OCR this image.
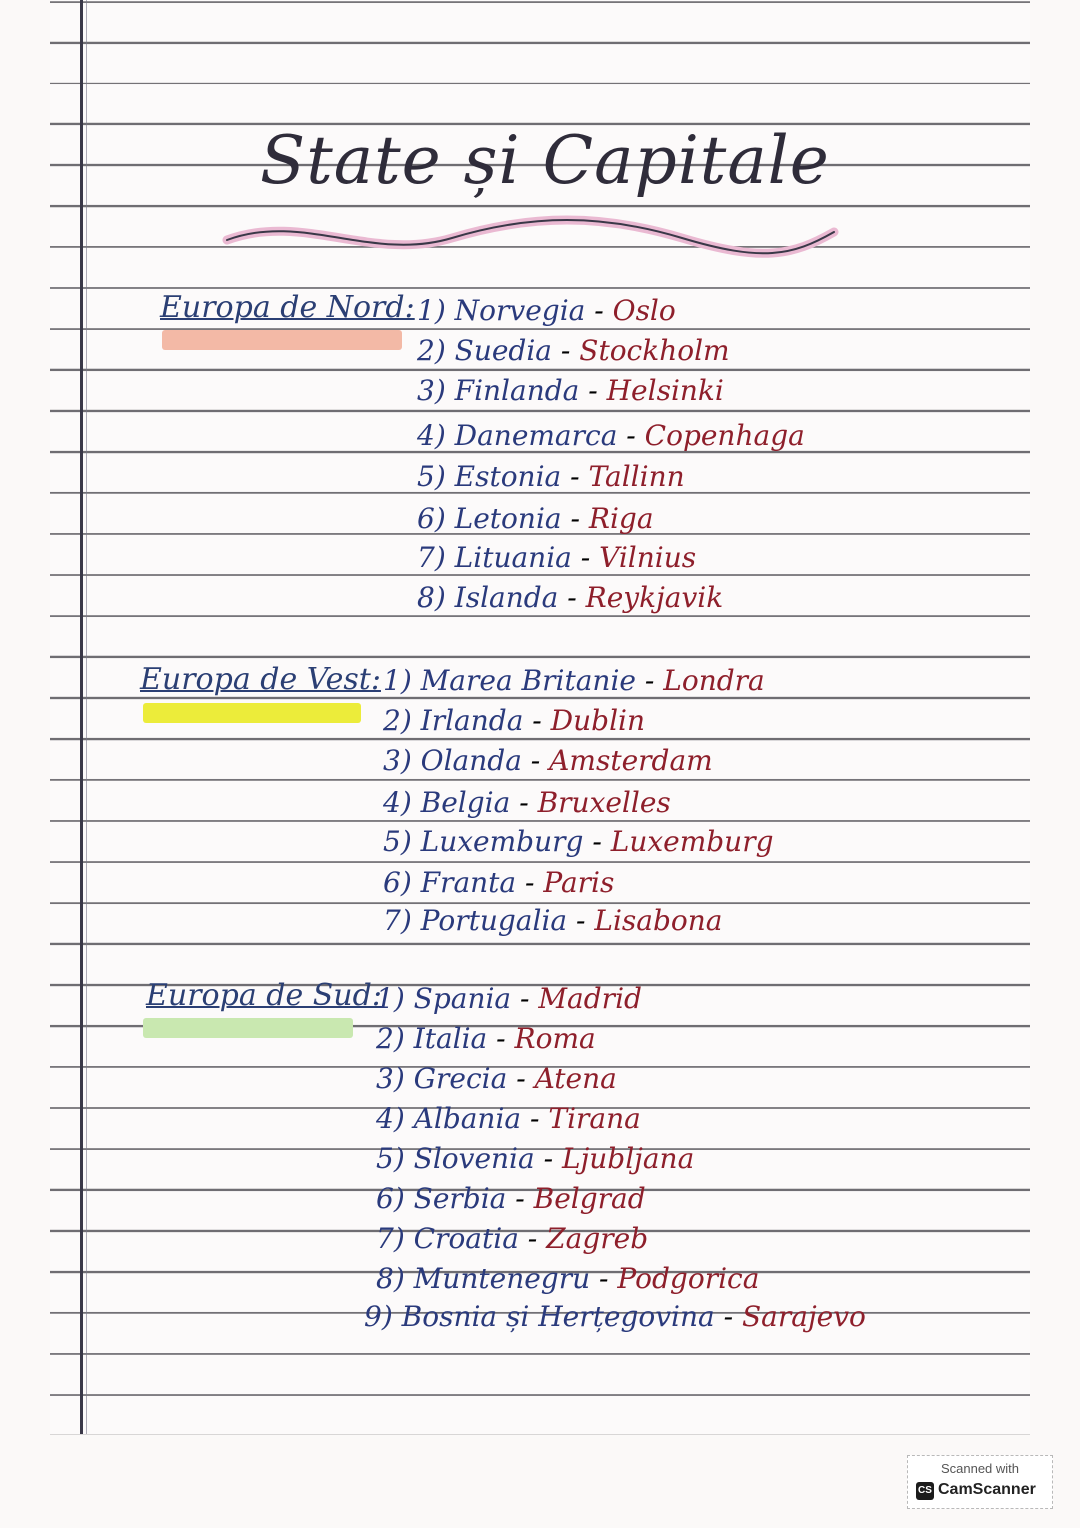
State și Capitale
Europa de Nord: 1) Norvegia - Oslo
2) Suedia - Stockholm
3) Finlanda - Helsinki
4) Danemarca - Copenhaga
5) Estonia - Tallinn
6) Letonia - Riga
7) Lituania - Vilnius
8) Islanda - Reykjavik
Europa de Vest: 1) Marea Britanie - Londra
2) Irlanda - Dublin
3) Olanda - Amsterdam
4) Belgia - Bruxelles
5) Luxemburg - Luxemburg
6) Franta - Paris
7) Portugalia - Lisabona
Europa de Sud:
1) Spania - Madrid
2) Italia - Roma
3) Grecia - Atena
4) Albania - Tirana
5) Slovenia - Ljubljana
6) Serbia - Belgrad
7) Croatia - Zagreb
8) Muntenegru - Podgorica
9) Bosnia și Herțegovina - Sarajevo
Scanned with
CS CamScanner
